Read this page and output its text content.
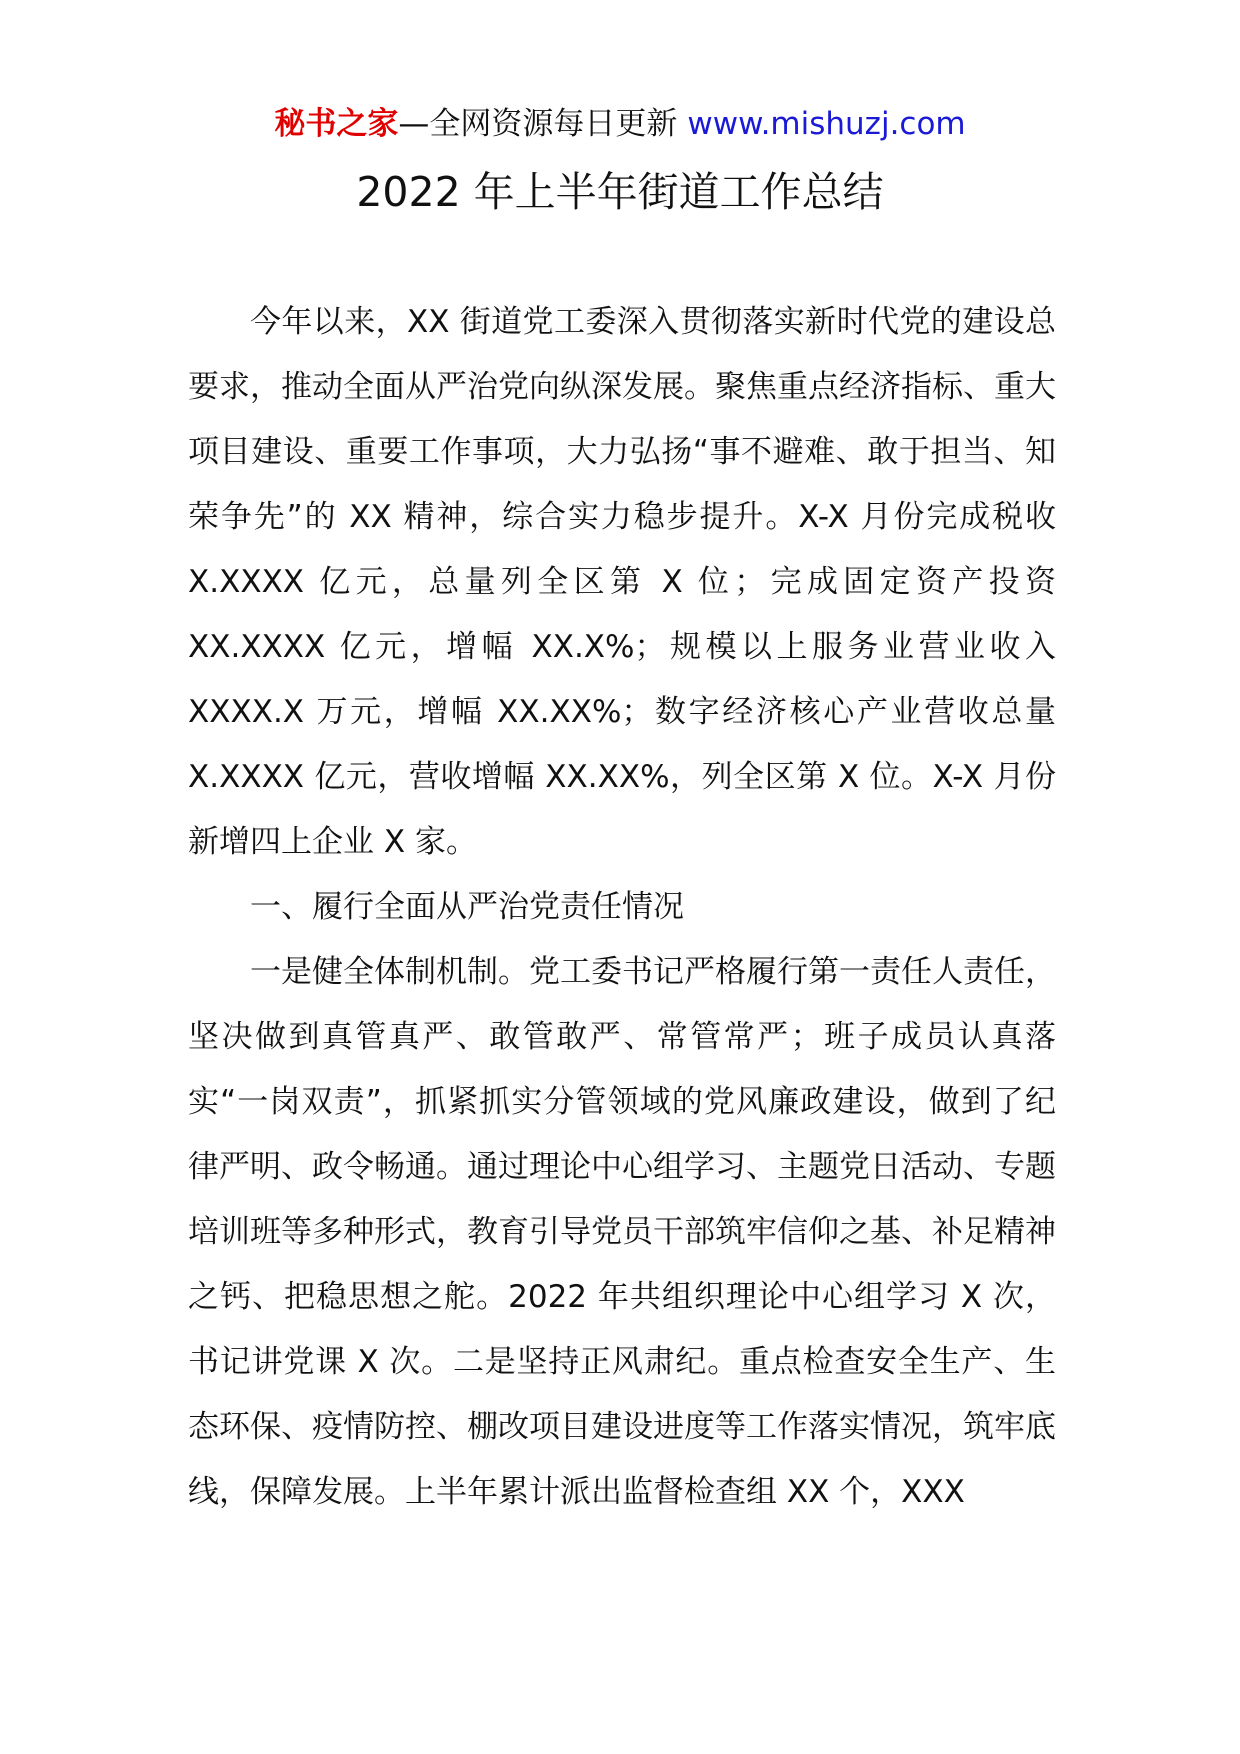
秘书之家—全网资源每日更新 www.mishuzj.com
2022 年上半年街道工作总结

今年以来，XX 街道党工委深入贯彻落实新时代党的建设总要求，推动全面从严治党向纵深发展。聚焦重点经济指标、重大项目建设、重要工作事项，大力弘扬“事不避难、敢于担当、知荣争先”的 XX 精神，综合实力稳步提升。X-X 月份完成税收 X.XXXX 亿元，总量列全区第 X 位；完成固定资产投资 XX.XXXX 亿元，增幅 XX.X%；规模以上服务业营业收入 XXXX.X 万元，增幅 XX.XX%；数字经济核心产业营收总量 X.XXXX 亿元，营收增幅 XX.XX%，列全区第 X 位。X-X 月份新增四上企业 X 家。

一、履行全面从严治党责任情况

一是健全体制机制。党工委书记严格履行第一责任人责任，坚决做到真管真严、敢管敢严、常管常严；班子成员认真落实“一岗双责”，抓紧抓实分管领域的党风廉政建设，做到了纪律严明、政令畅通。通过理论中心组学习、主题党日活动、专题培训班等多种形式，教育引导党员干部筑牢信仰之基、补足精神之钙、把稳思想之舵。2022 年共组织理论中心组学习 X 次，书记讲党课 X 次。二是坚持正风肃纪。重点检查安全生产、生态环保、疫情防控、棚改项目建设进度等工作落实情况，筑牢底线，保障发展。上半年累计派出监督检查组 XX 个，XXX
